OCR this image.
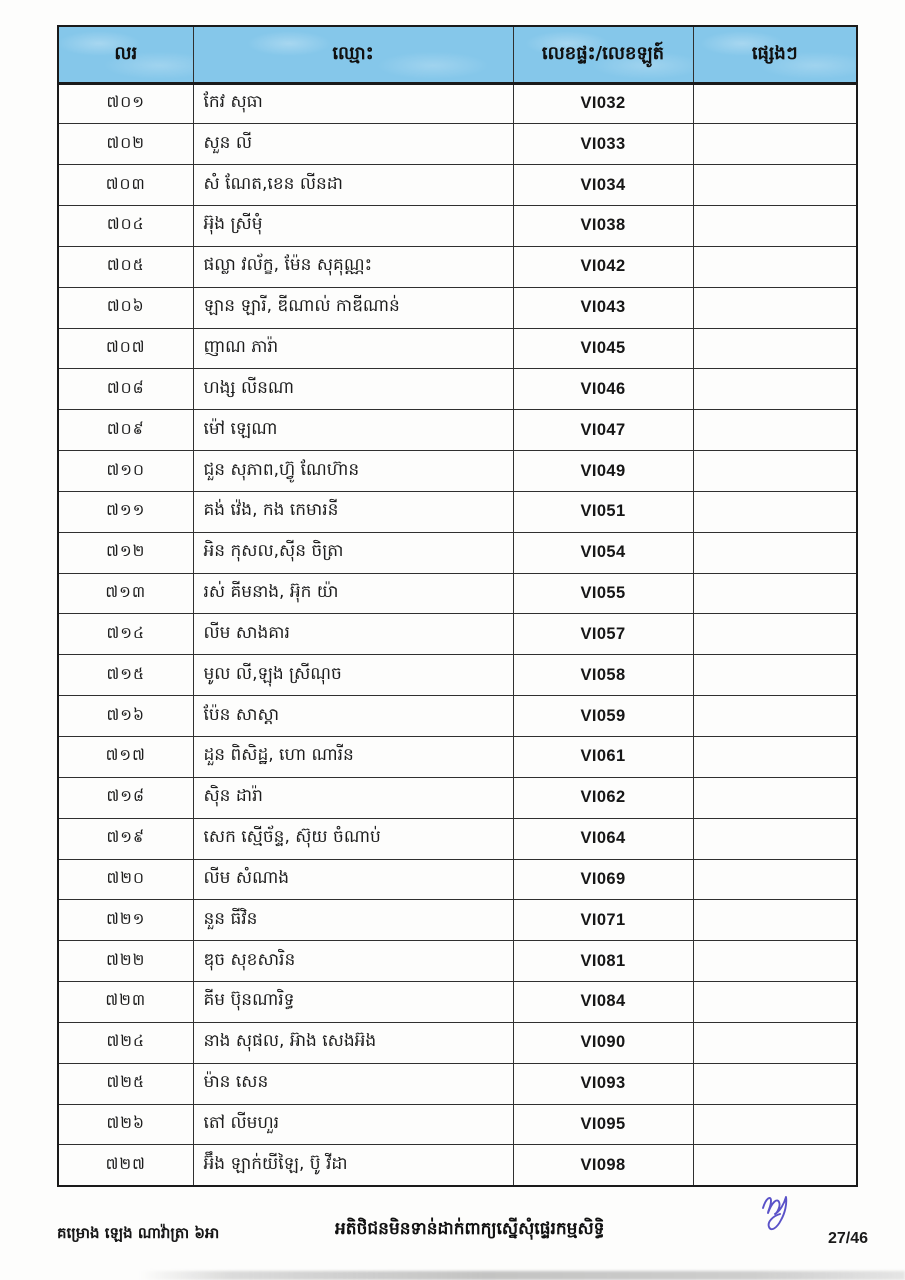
លរ	ឈ្មោះ	លេខផ្ទះ/លេខឡូត៍	ផ្សេងៗ
៧០១	កែវ សុធា	VI032	
៧០២	សួន លី	VI033	
៧០៣	សំ ណែត,ខេន លីនដា	VI034	
៧០៤	អ៊ុង ស្រីមុំ	VI038	
៧០៥	ផល្លា វល័ក្ខ, ម៉ែន សុគុណ្ណះ	VI042	
៧០៦	ឡាន ឡារី, ឌីណាល់ កាឌីណាន់	VI043	
៧០៧	ញាណ ភារ៉ា	VI045	
៧០៨	ហង្ស លីនណា	VI046	
៧០៩	ម៉ៅ ឡេណា	VI047	
៧១០	ជួន សុភាព,ហ៊្វូ ណែហ៊ាន	VI049	
៧១១	គង់ វ៉េង, កង កេមារនី	VI051	
៧១២	អិន កុសល,ស៊ីន ចិត្រា	VI054	
៧១៣	រស់ គីមនាង, អ៊ុក យ៉ា	VI055	
៧១៤	លីម សាងគារ	VI057	
៧១៥	មូល លី,ឡុង ស្រីណុច	VI058	
៧១៦	ប៉ែន សាស្ដា	VI059	
៧១៧	ដួន ពិសិដ្ឋ, ហោ ណារីន	VI061	
៧១៨	ស៊ិន ដារ៉ា	VI062	
៧១៩	សេក ស្មើច័ន្ទ, ស៊ុយ ចំណាប់	VI064	
៧២០	លីម សំណាង	VI069	
៧២១	នួន ធីវិន	VI071	
៧២២	ឌុច សុខសារិន	VI081	
៧២៣	គីម ប៊ុនណារិទ្ធ	VI084	
៧២៤	នាង សុផល, អ៊ាង សេងអ៊ង	VI090	
៧២៥	ម៉ាន សេន	VI093	
៧២៦	តៅ លីមហួរ	VI095	
៧២៧	អ៊ឹង ឡាក់យីឡៃ, ប៊ូ វីដា	VI098	
គម្រោង ឡេង ណាវ៉ាត្រា ៦អា	អតិថិជនមិនទាន់ដាក់ពាក្យស្នើសុំផ្ទេរកម្មសិទ្ធិ	27/46
